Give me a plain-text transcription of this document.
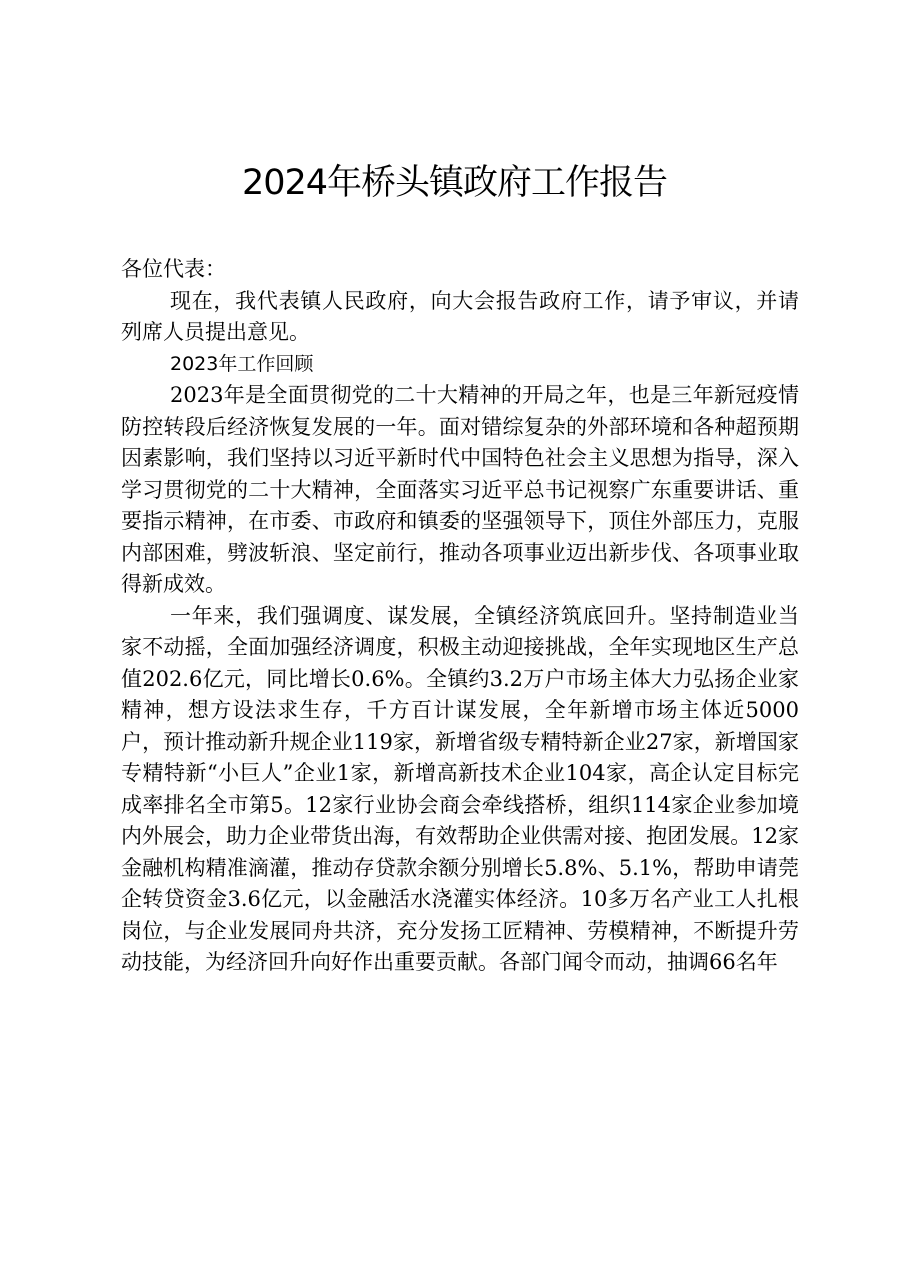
2024年桥头镇政府工作报告

各位代表：

现在，我代表镇人民政府，向大会报告政府工作，请予审议，并请列席人员提出意见。

2023年工作回顾

2023年是全面贯彻党的二十大精神的开局之年，也是三年新冠疫情防控转段后经济恢复发展的一年。面对错综复杂的外部环境和各种超预期因素影响，我们坚持以习近平新时代中国特色社会主义思想为指导，深入学习贯彻党的二十大精神，全面落实习近平总书记视察广东重要讲话、重要指示精神，在市委、市政府和镇委的坚强领导下，顶住外部压力，克服内部困难，劈波斩浪、坚定前行，推动各项事业迈出新步伐、各项事业取得新成效。

一年来，我们强调度、谋发展，全镇经济筑底回升。坚持制造业当家不动摇，全面加强经济调度，积极主动迎接挑战，全年实现地区生产总值202.6亿元，同比增长0.6%。全镇约3.2万户市场主体大力弘扬企业家精神，想方设法求生存，千方百计谋发展，全年新增市场主体近5000户，预计推动新升规企业119家，新增省级专精特新企业27家，新增国家专精特新“小巨人”企业1家，新增高新技术企业104家，高企认定目标完成率排名全市第5。12家行业协会商会牵线搭桥，组织114家企业参加境内外展会，助力企业带货出海，有效帮助企业供需对接、抱团发展。12家金融机构精准滴灌，推动存贷款余额分别增长5.8%、5.1%，帮助申请莞企转贷资金3.6亿元，以金融活水浇灌实体经济。10多万名产业工人扎根岗位，与企业发展同舟共济，充分发扬工匠精神、劳模精神，不断提升劳动技能，为经济回升向好作出重要贡献。各部门闻令而动，抽调66名年
